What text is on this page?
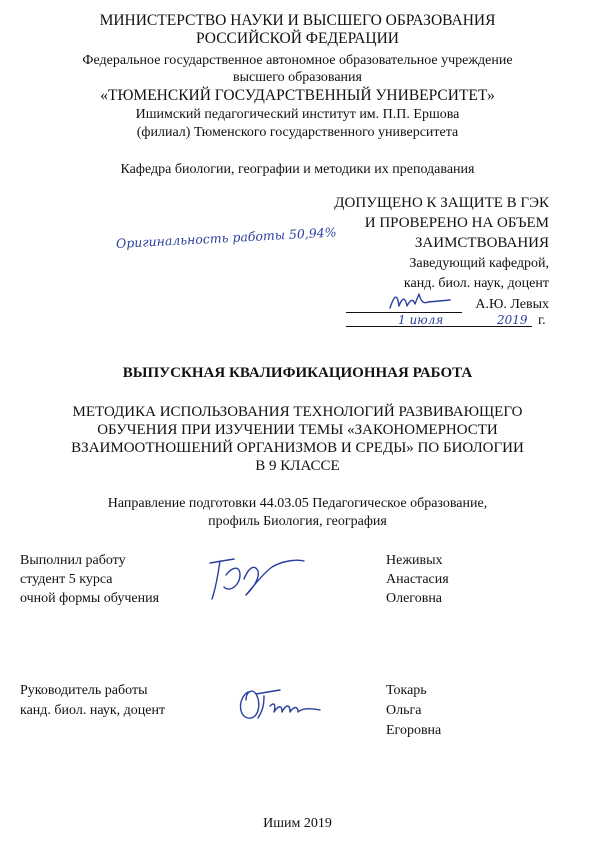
МИНИСТЕРСТВО НАУКИ И ВЫСШЕГО ОБРАЗОВАНИЯ
РОССИЙСКОЙ ФЕДЕРАЦИИ
Федеральное государственное автономное образовательное учреждение
высшего образования
«ТЮМЕНСКИЙ ГОСУДАРСТВЕННЫЙ УНИВЕРСИТЕТ»
Ишимский педагогический институт им. П.П. Ершова
(филиал) Тюменского государственного университета
Кафедра биологии, географии и методики их преподавания
ДОПУЩЕНО К ЗАЩИТЕ В ГЭК
И ПРОВЕРЕНО НА ОБЪЕМ
Оригинальность работы 50,94%	ЗАИМСТВОВАНИЯ
Заведующий кафедрой,
канд. биол. наук, доцент
А.Ю. Левых
1 июля	2019 г.
ВЫПУСКНАЯ КВАЛИФИКАЦИОННАЯ РАБОТА
МЕТОДИКА ИСПОЛЬЗОВАНИЯ ТЕХНОЛОГИЙ РАЗВИВАЮЩЕГО
ОБУЧЕНИЯ ПРИ ИЗУЧЕНИИ ТЕМЫ «ЗАКОНОМЕРНОСТИ
ВЗАИМООТНОШЕНИЙ ОРГАНИЗМОВ И СРЕДЫ» ПО БИОЛОГИИ
В 9 КЛАССЕ
Направление подготовки 44.03.05 Педагогическое образование,
профиль Биология, география
Выполнил работу
студент 5 курса
очной формы обучения
Неживых
Анастасия
Олеговна
Руководитель работы
канд. биол. наук, доцент
Токарь
Ольга
Егоровна
Ишим 2019
